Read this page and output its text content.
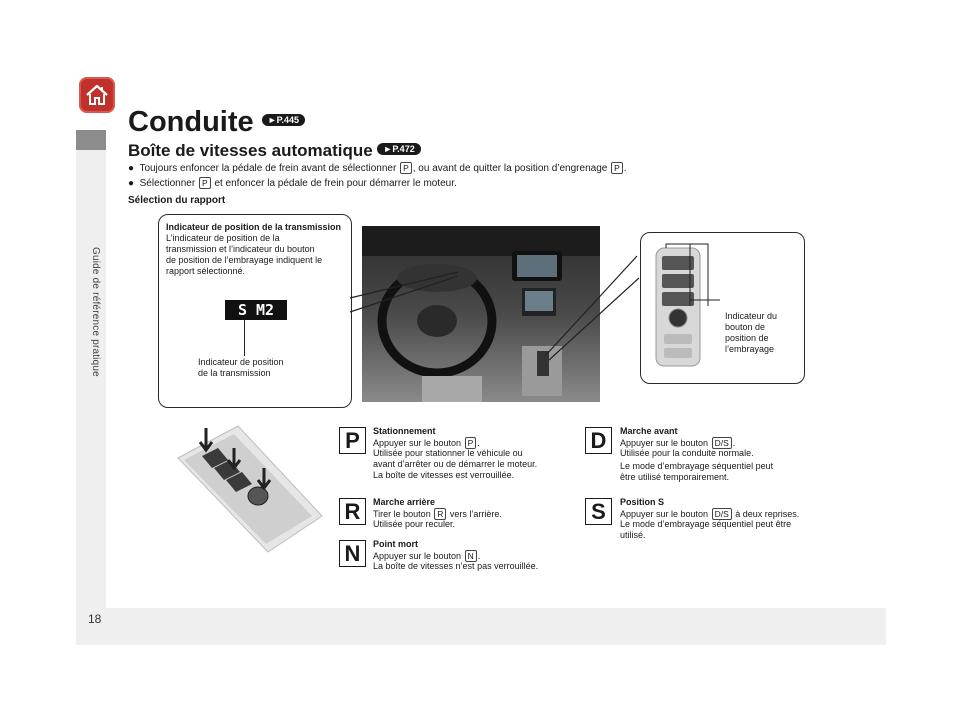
Guide de référence pratique
18
Conduite ►P.445
Boîte de vitesses automatique ►P.472
● Toujours enfoncer la pédale de frein avant de sélectionner P , ou avant de quitter la position d’engrenage P .
● Sélectionner P et enfoncer la pédale de frein pour démarrer le moteur.
Sélection du rapport
Indicateur de position de la transmission
L’indicateur de position de la
transmission et l’indicateur du bouton
de position de l’embrayage indiquent le
rapport sélectionné.
S M2
Indicateur de position
de la transmission
Indicateur du
bouton de
position de
l’embrayage
P	Stationnement
Appuyer sur le bouton P .
Utilisée pour stationner le véhicule ou
avant d’arrêter ou de démarrer le moteur.
La boîte de vitesses est verrouillée.
R	Marche arrière
Tirer le bouton R vers l’arrière.
Utilisée pour reculer.
N	Point mort
Appuyer sur le bouton N .
La boîte de vitesses n’est pas verrouillée.
D	Marche avant
Appuyer sur le bouton D/S .
Utilisée pour la conduite normale.
Le mode d’embrayage séquentiel peut
être utilisé temporairement.
S	Position S
Appuyer sur le bouton D/S à deux reprises.
Le mode d’embrayage séquentiel peut être
utilisé.
